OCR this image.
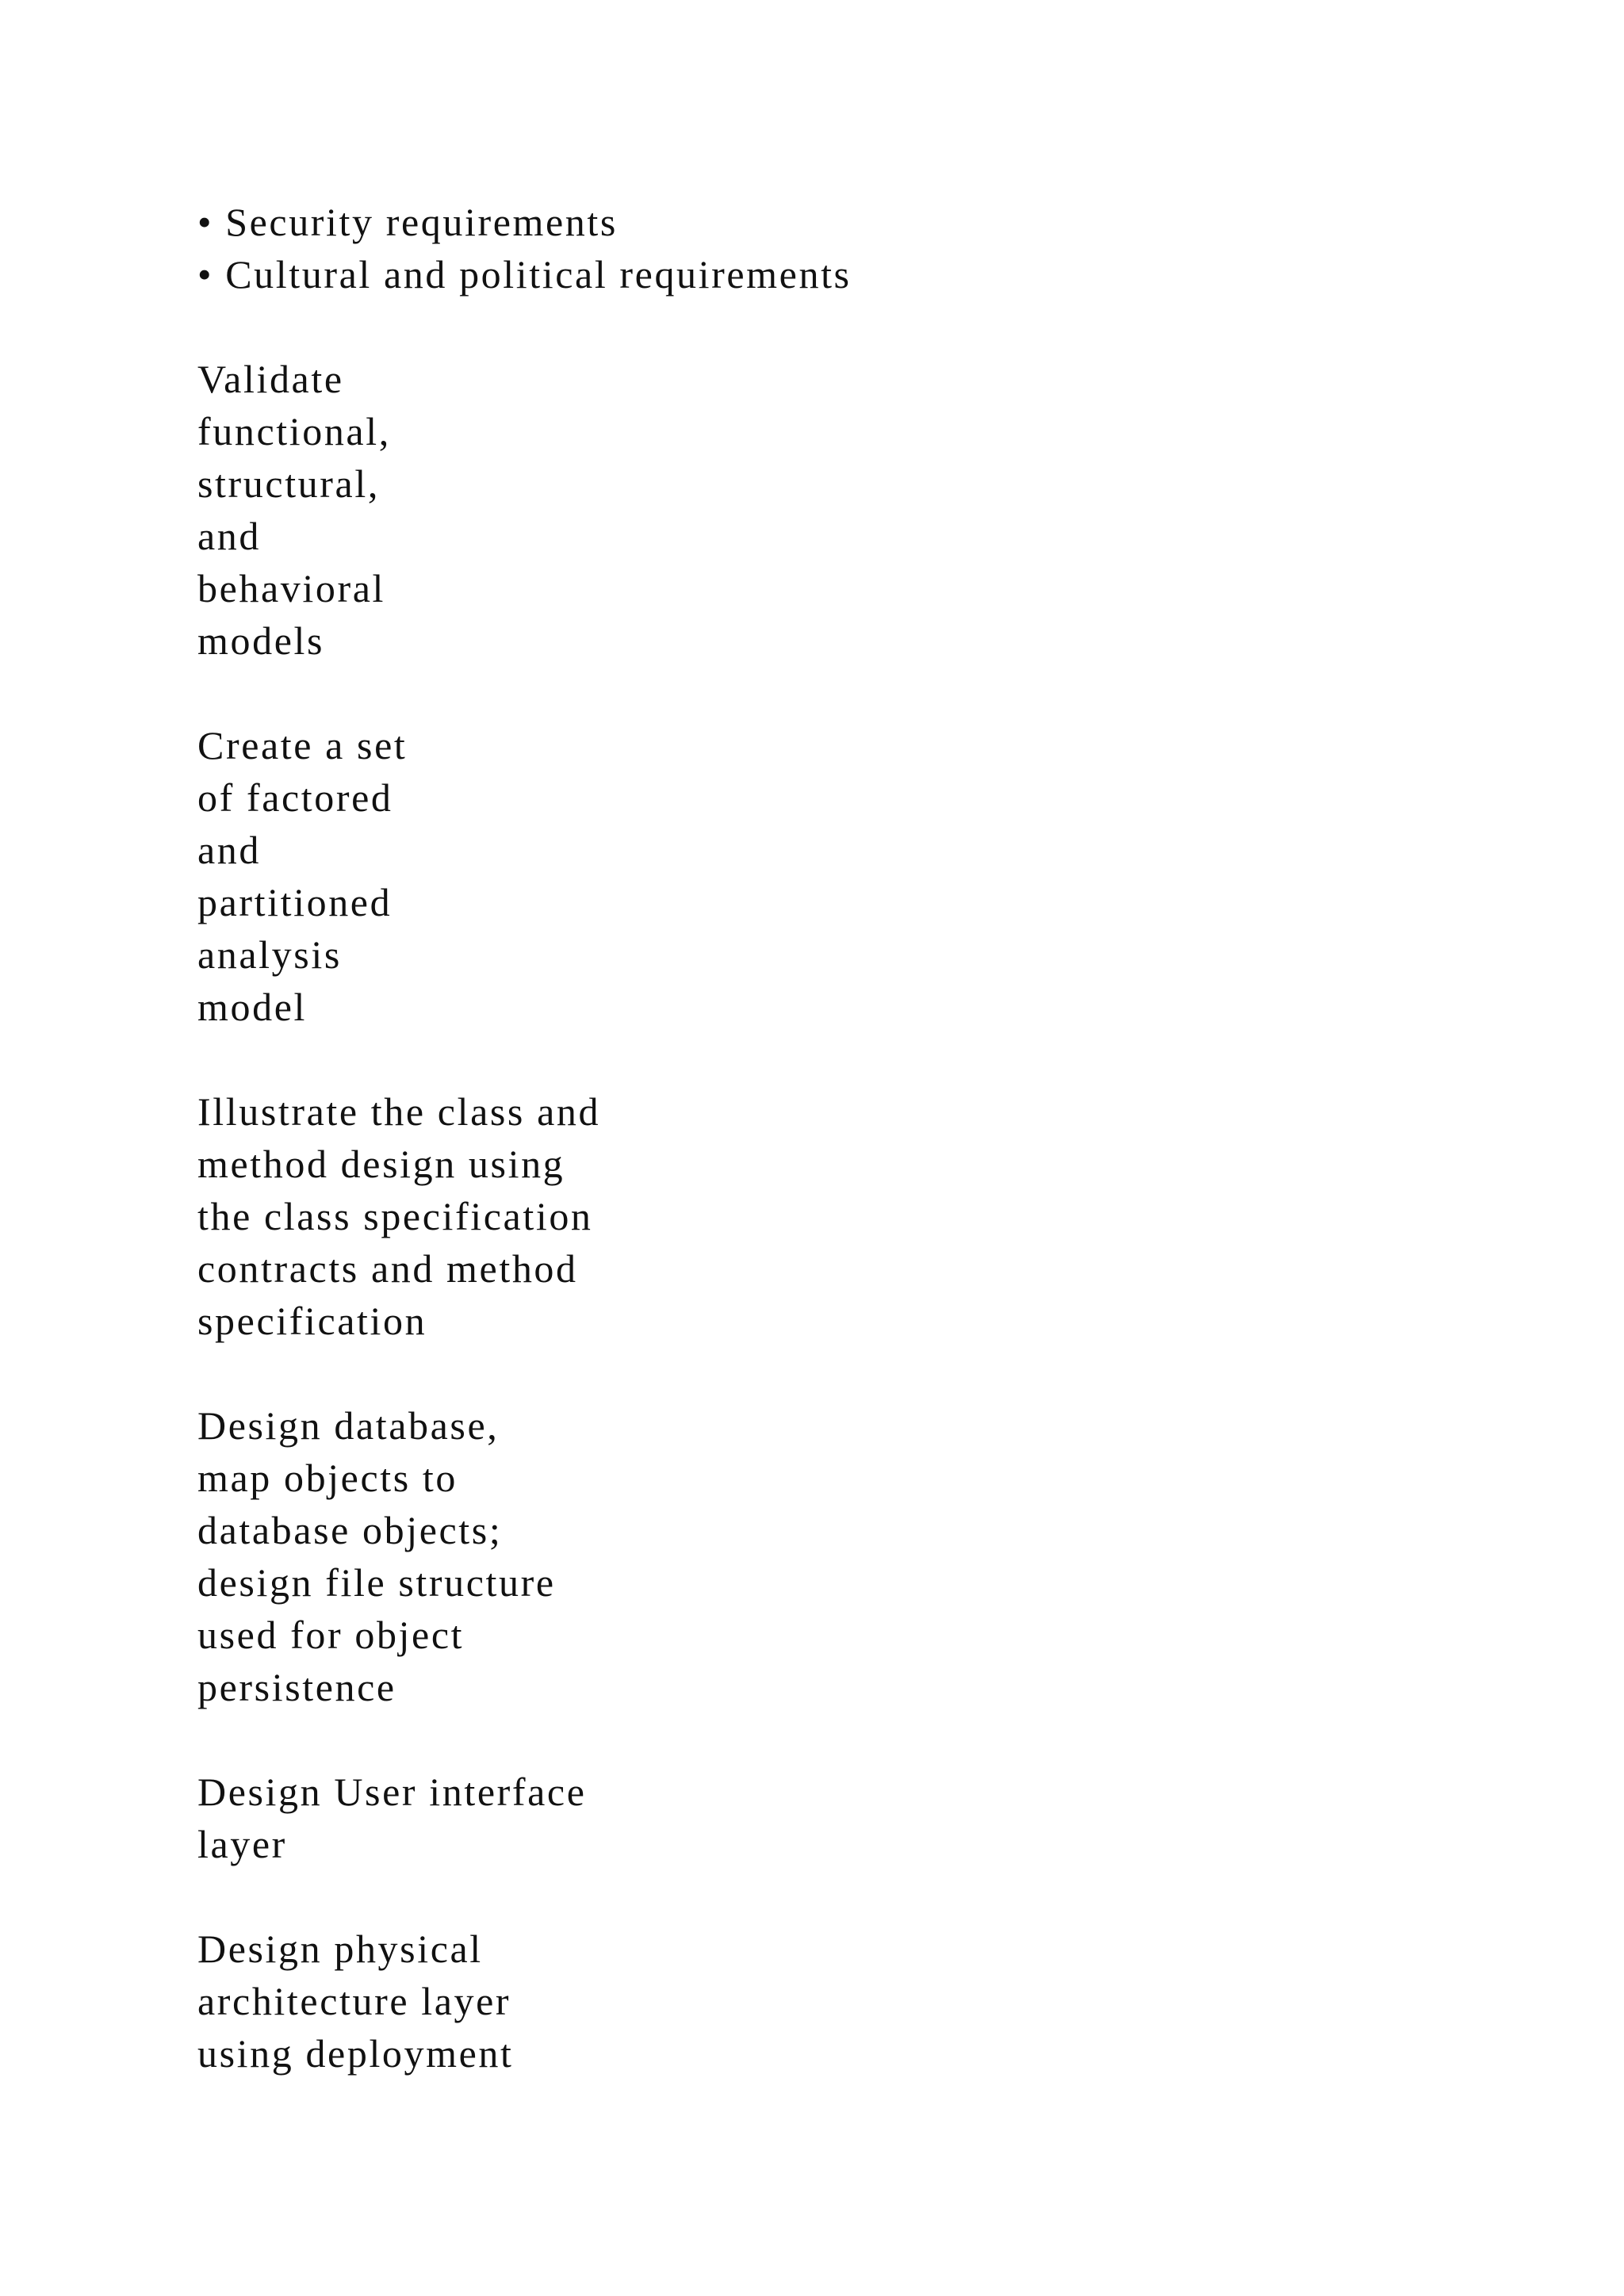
• Security requirements
• Cultural and political requirements
Validate
functional,
structural,
and
behavioral
models
Create a set
of factored
and
partitioned
analysis
model
Illustrate the class and
method design using
the class specification
contracts and method
specification
Design database,
map objects to
database objects;
design file structure
used for object
persistence
Design User interface
layer
Design physical
architecture layer
using deployment
